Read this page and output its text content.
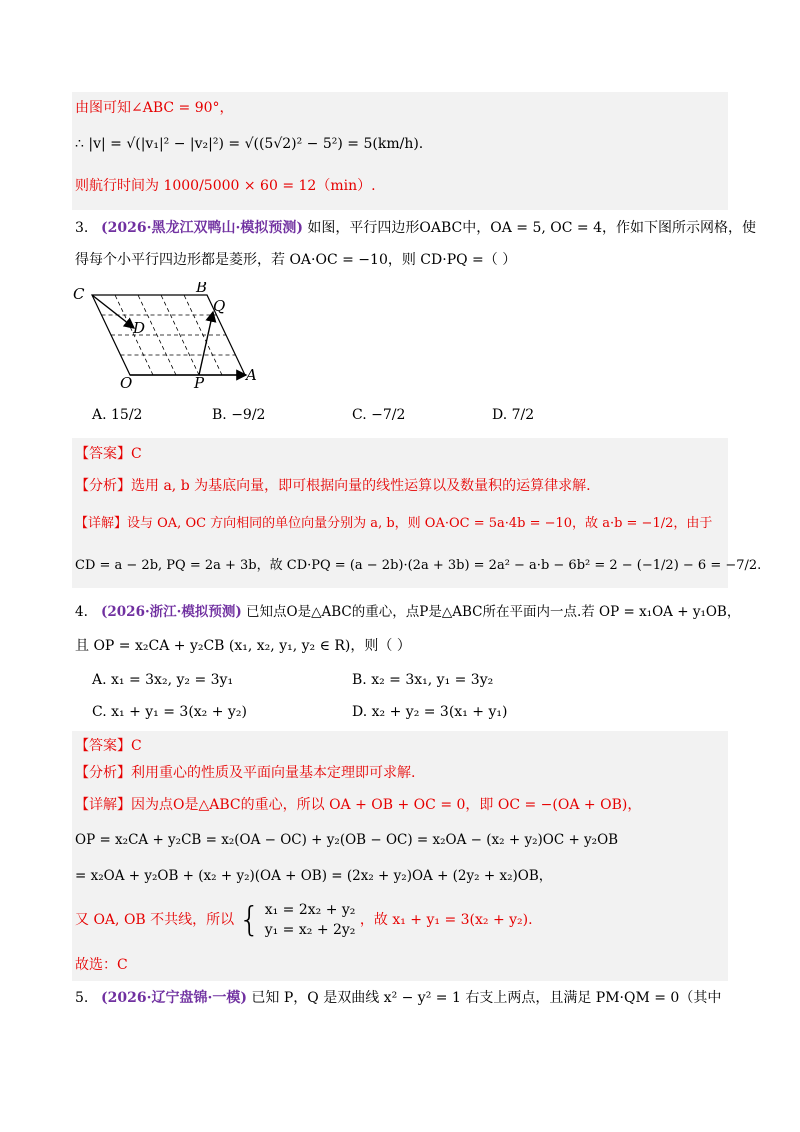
由图可知∠ABC = 90°，
∴ |v| = √(|v₁|² − |v₂|²) = √((5√2)² − 5²) = 5(km/h).
则航行时间为 1000/5000 × 60 = 12（min）.
3. (2026·黑龙江双鸭山·模拟预测) 如图，平行四边形OABC中，OA = 5, OC = 4，作如下图所示网格，使
得每个小平行四边形都是菱形，若 OA·OC = −10，则 CD·PQ =（ ）
C	B
Q
D
O	P	A
A. 15/2	B. −9/2	C. −7/2	D. 7/2
【答案】C
【分析】选用 a, b 为基底向量，即可根据向量的线性运算以及数量积的运算律求解.
【详解】设与 OA, OC 方向相同的单位向量分别为 a, b，则 OA·OC = 5a·4b = −10，故 a·b = −1/2，由于
CD = a − 2b, PQ = 2a + 3b，故 CD·PQ = (a − 2b)·(2a + 3b) = 2a² − a·b − 6b² = 2 − (−1/2) − 6 = −7/2.
4. (2026·浙江·模拟预测) 已知点O是△ABC的重心，点P是△ABC所在平面内一点.若 OP = x₁OA + y₁OB，
且 OP = x₂CA + y₂CB (x₁, x₂, y₁, y₂ ∈ R)，则（ ）
A. x₁ = 3x₂, y₂ = 3y₁	B. x₂ = 3x₁, y₁ = 3y₂
C. x₁ + y₁ = 3(x₂ + y₂)	D. x₂ + y₂ = 3(x₁ + y₁)
【答案】C
【分析】利用重心的性质及平面向量基本定理即可求解.
【详解】因为点O是△ABC的重心，所以 OA + OB + OC = 0，即 OC = −(OA + OB)，
OP = x₂CA + y₂CB = x₂(OA − OC) + y₂(OB − OC) = x₂OA − (x₂ + y₂)OC + y₂OB
= x₂OA + y₂OB + (x₂ + y₂)(OA + OB) = (2x₂ + y₂)OA + (2y₂ + x₂)OB，
又 OA, OB 不共线，所以 { x₁ = 2x₂ + y₂
y₁ = x₂ + 2y₂
，故 x₁ + y₁ = 3(x₂ + y₂).
故选：C
5. (2026·辽宁盘锦·一模) 已知 P，Q 是双曲线 x² − y² = 1 右支上两点，且满足 PM·QM = 0（其中
